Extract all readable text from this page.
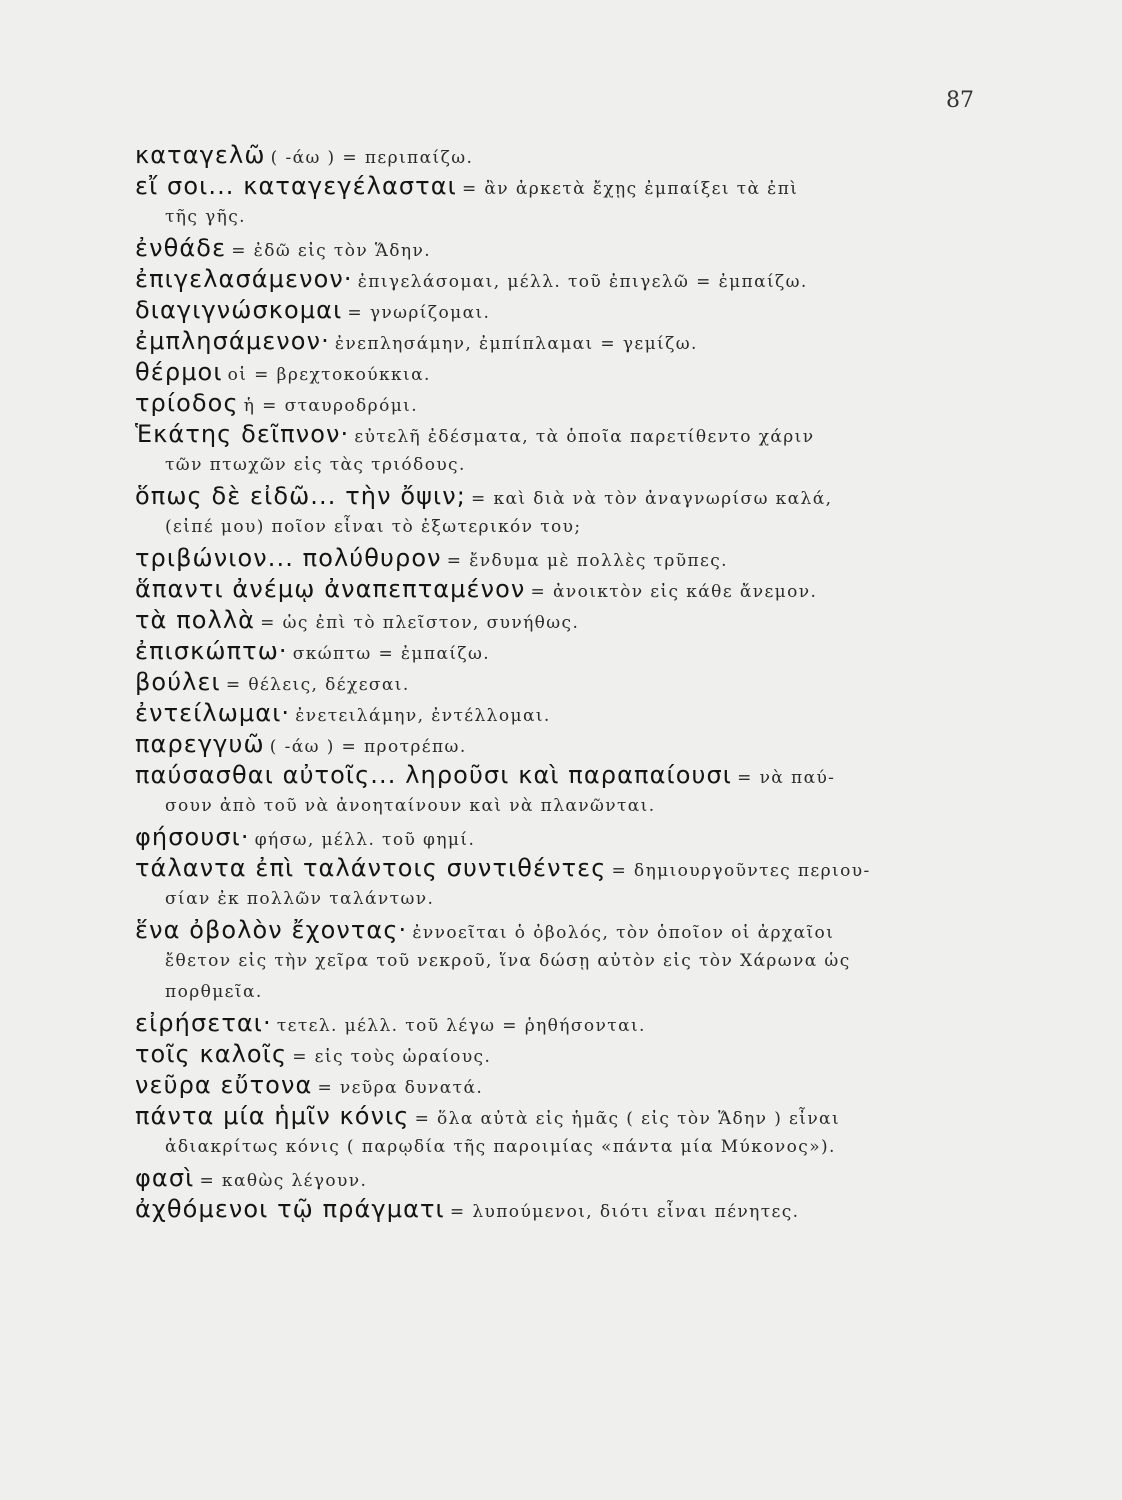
87
καταγελῶ ( -άω ) = περιπαίζω.
εἴ σοι... καταγεγέλασται = ἂν ἀρκετὰ ἔχῃς ἐμπαίξει τὰ ἐπὶ
τῆς γῆς.
ἐνθάδε = ἐδῶ εἰς τὸν Ἅδην.
ἐπιγελασάμενον· ἐπιγελάσομαι, μέλλ. τοῦ ἐπιγελῶ = ἐμπαίζω.
διαγιγνώσκομαι = γνωρίζομαι.
ἐμπλησάμενον· ἐνεπλησάμην, ἐμπίπλαμαι = γεμίζω.
θέρμοι οἱ = βρεχτοκούκκια.
τρίοδος ἡ = σταυροδρόμι.
Ἑκάτης δεῖπνον· εὐτελῆ ἐδέσματα, τὰ ὁποῖα παρετίθεντο χάριν
τῶν πτωχῶν εἰς τὰς τριόδους.
ὅπως δὲ εἰδῶ... τὴν ὄψιν; = καὶ διὰ νὰ τὸν ἀναγνωρίσω καλά,
(εἰπέ μου) ποῖον εἶναι τὸ ἐξωτερικόν του;
τριβώνιον... πολύθυρον = ἔνδυμα μὲ πολλὲς τρῦπες.
ἅπαντι ἀνέμῳ ἀναπεπταμένον = ἀνοικτὸν εἰς κάθε ἄνεμον.
τὰ πολλὰ = ὡς ἐπὶ τὸ πλεῖστον, συνήθως.
ἐπισκώπτω· σκώπτω = ἐμπαίζω.
βούλει = θέλεις, δέχεσαι.
ἐντείλωμαι· ἐνετειλάμην, ἐντέλλομαι.
παρεγγυῶ ( -άω ) = προτρέπω.
παύσασθαι αὐτοῖς... ληροῦσι καὶ παραπαίουσι = νὰ παύ-
σουν ἀπὸ τοῦ νὰ ἀνοηταίνουν καὶ νὰ πλανῶνται.
φήσουσι· φήσω, μέλλ. τοῦ φημί.
τάλαντα ἐπὶ ταλάντοις συντιθέντες = δημιουργοῦντες περιου-
σίαν ἐκ πολλῶν ταλάντων.
ἕνα ὀβολὸν ἔχοντας· ἐννοεῖται ὁ ὀβολός, τὸν ὁποῖον οἱ ἀρχαῖοι
ἔθετον εἰς τὴν χεῖρα τοῦ νεκροῦ, ἵνα δώσῃ αὐτὸν εἰς τὸν Χάρωνα ὡς
πορθμεῖα.
εἰρήσεται· τετελ. μέλλ. τοῦ λέγω = ῥηθήσονται.
τοῖς καλοῖς = εἰς τοὺς ὡραίους.
νεῦρα εὔτονα = νεῦρα δυνατά.
πάντα μία ἡμῖν κόνις = ὅλα αὐτὰ εἰς ἡμᾶς ( εἰς τὸν Ἅδην ) εἶναι
ἀδιακρίτως κόνις ( παρῳδία τῆς παροιμίας «πάντα μία Μύκονος»).
φασὶ = καθὼς λέγουν.
ἀχθόμενοι τῷ πράγματι = λυπούμενοι, διότι εἶναι πένητες.
